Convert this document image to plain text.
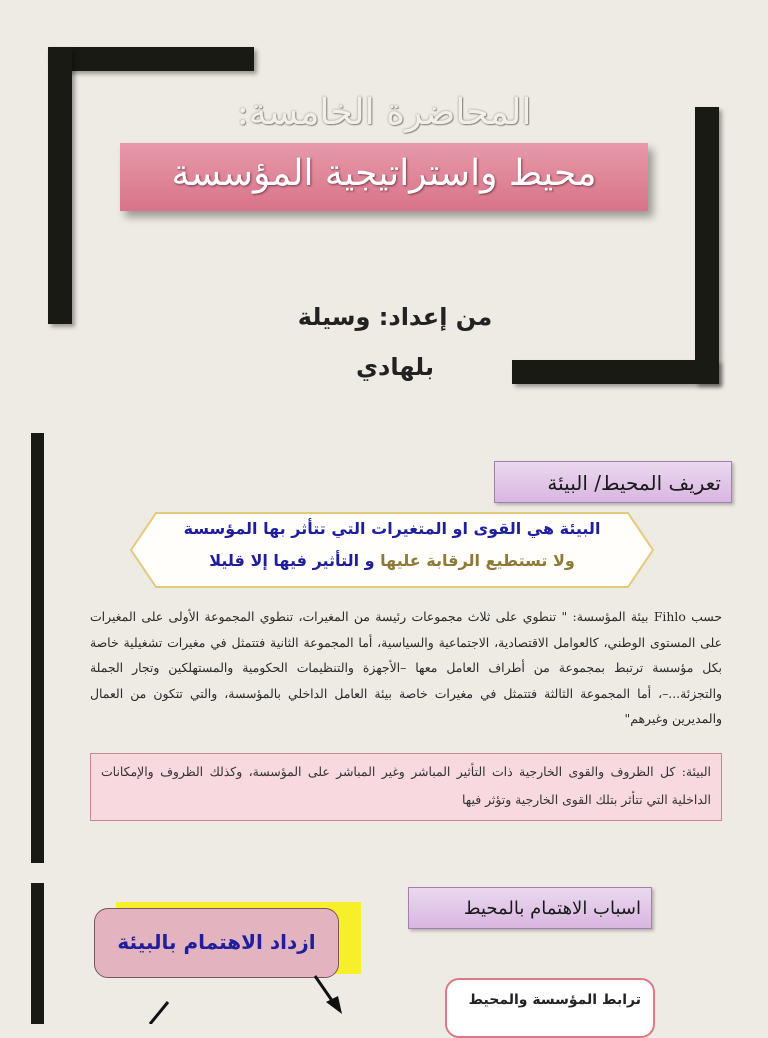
المحاضرة الخامسة:
محيط واستراتيجية المؤسسة
من إعداد: وسيلة
بلهادي
تعريف المحيط/ البيئة
البيئة هي القوى او المتغيرات التي تتأثر بها المؤسسة
ولا تستطيع الرقابة عليها و التأثير فيها إلا قليلا
حسب Fihlo بيئة المؤسسة: " تنطوي على ثلاث مجموعات رئيسة من المغيرات، تنطوي المجموعة الأولى على المغيرات على المستوى الوطني، كالعوامل الاقتصادية، الاجتماعية والسياسية، أما المجموعة الثانية فتتمثل في مغيرات تشغيلية خاصة بكل مؤسسة ترتبط بمجموعة من أطراف العامل معها –الأجهزة والتنظيمات الحكومية والمستهلكين وتجار الجملة والتجزئة...–، أما المجموعة الثالثة فتتمثل في مغيرات خاصة بيئة العامل الداخلي بالمؤسسة، والتي تتكون من العمال والمديرين وغيرهم"
البيئة: كل الظروف والقوى الخارجية ذات التأثير المباشر وغير المباشر على المؤسسة، وكذلك الظروف والإمكانات الداخلية التي تتأثر بتلك القوى الخارجية وتؤثر فيها
اسباب الاهتمام بالمحيط
ازداد الاهتمام بالبيئة
ترابط المؤسسة والمحيط
